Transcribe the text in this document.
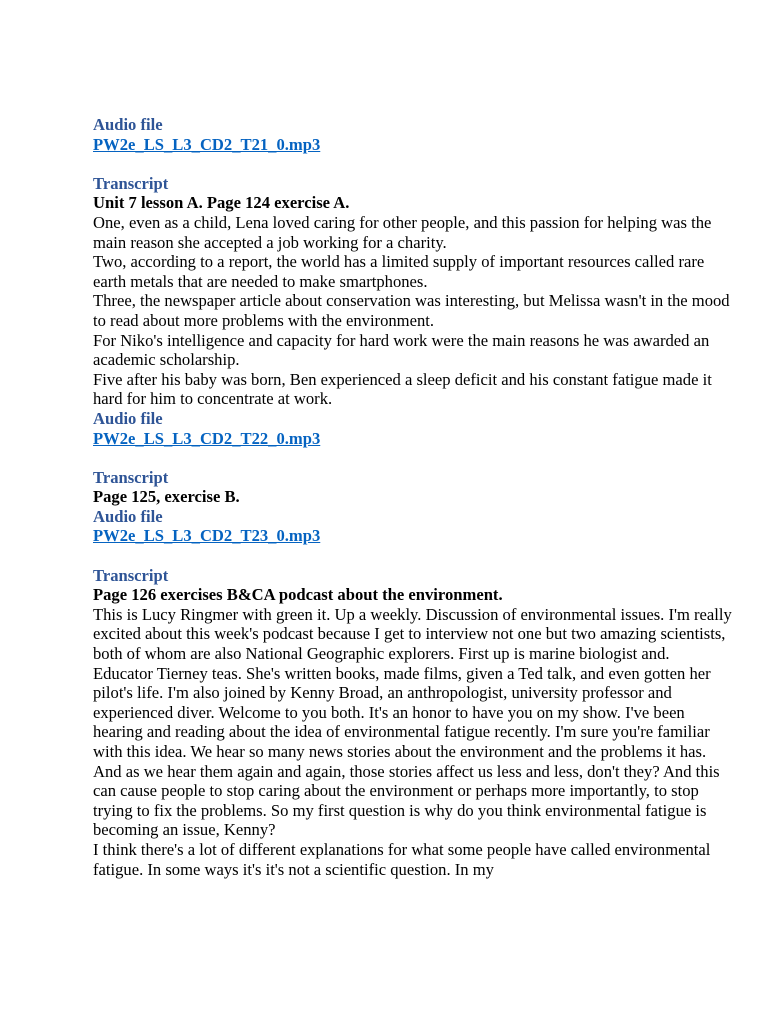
Audio file
PW2e_LS_L3_CD2_T21_0.mp3
Transcript
Unit 7 lesson A. Page 124 exercise A.
One, even as a child, Lena loved caring for other people, and this passion for helping was the main reason she accepted a job working for a charity.
Two, according to a report, the world has a limited supply of important resources called rare earth metals that are needed to make smartphones.
Three, the newspaper article about conservation was interesting, but Melissa wasn't in the mood to read about more problems with the environment.
For Niko's intelligence and capacity for hard work were the main reasons he was awarded an academic scholarship.
Five after his baby was born, Ben experienced a sleep deficit and his constant fatigue made it hard for him to concentrate at work.
Audio file
PW2e_LS_L3_CD2_T22_0.mp3
Transcript
Page 125, exercise B.
Audio file
PW2e_LS_L3_CD2_T23_0.mp3
Transcript
Page 126 exercises B&CA podcast about the environment.
This is Lucy Ringmer with green it. Up a weekly. Discussion of environmental issues. I'm really excited about this week's podcast because I get to interview not one but two amazing scientists, both of whom are also National Geographic explorers. First up is marine biologist and. Educator Tierney teas. She's written books, made films, given a Ted talk, and even gotten her pilot's life. I'm also joined by Kenny Broad, an anthropologist, university professor and experienced diver. Welcome to you both. It's an honor to have you on my show. I've been hearing and reading about the idea of environmental fatigue recently. I'm sure you're familiar with this idea. We hear so many news stories about the environment and the problems it has. And as we hear them again and again, those stories affect us less and less, don't they? And this can cause people to stop caring about the environment or perhaps more importantly, to stop trying to fix the problems. So my first question is why do you think environmental fatigue is becoming an issue, Kenny?
I think there's a lot of different explanations for what some people have called environmental fatigue. In some ways it's it's not a scientific question. In my
